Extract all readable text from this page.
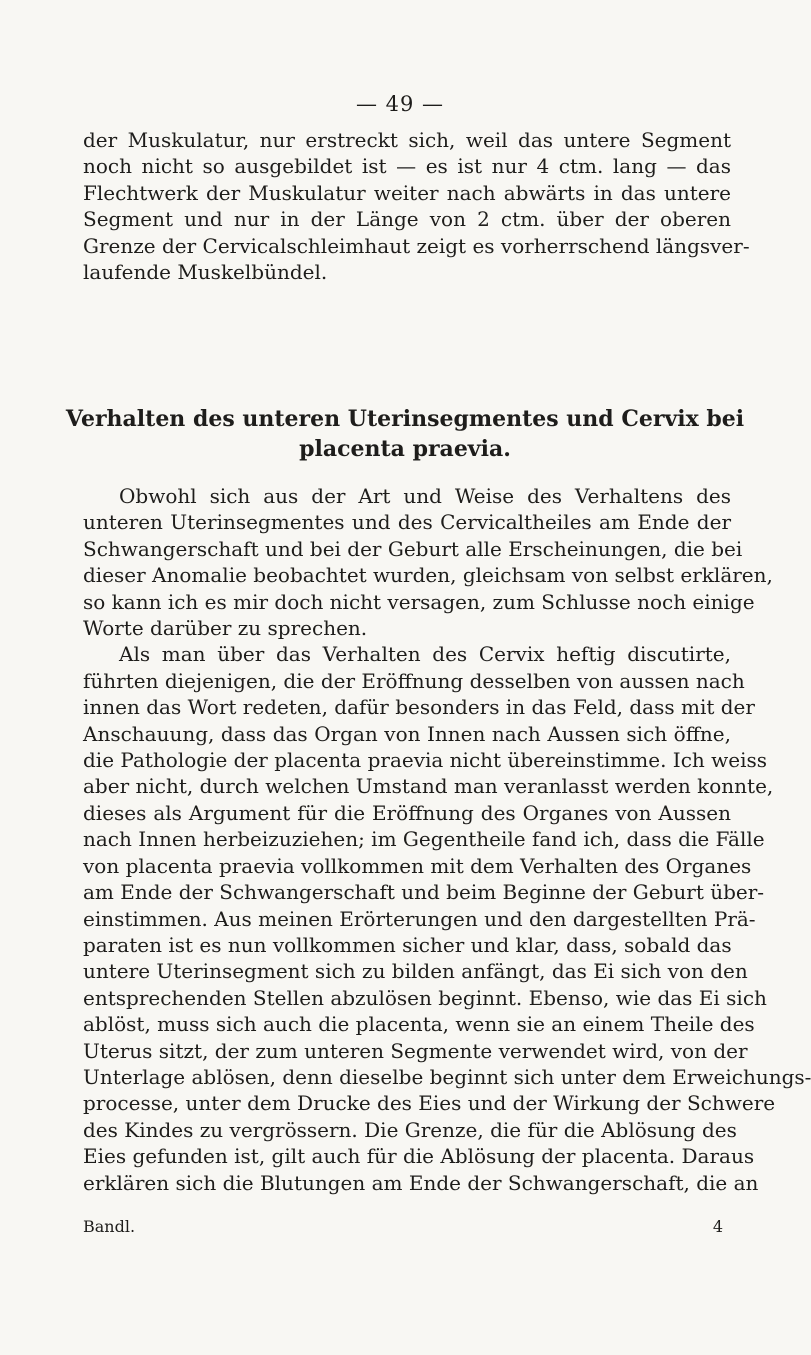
— 49 —
der Muskulatur, nur erstreckt sich, weil das untere Segment
noch nicht so ausgebildet ist — es ist nur 4 ctm. lang — das
Flechtwerk der Muskulatur weiter nach abwärts in das untere
Segment und nur in der Länge von 2 ctm. über der oberen
Grenze der Cervicalschleimhaut zeigt es vorherrschend längsver-
laufende Muskelbündel.
Verhalten des unteren Uterinsegmentes und Cervix bei
placenta praevia.
Obwohl sich aus der Art und Weise des Verhaltens des
unteren Uterinsegmentes und des Cervicaltheiles am Ende der
Schwangerschaft und bei der Geburt alle Erscheinungen, die bei
dieser Anomalie beobachtet wurden, gleichsam von selbst erklären,
so kann ich es mir doch nicht versagen, zum Schlusse noch einige
Worte darüber zu sprechen.
Als man über das Verhalten des Cervix heftig discutirte,
führten diejenigen, die der Eröffnung desselben von aussen nach
innen das Wort redeten, dafür besonders in das Feld, dass mit der
Anschauung, dass das Organ von Innen nach Aussen sich öffne,
die Pathologie der placenta praevia nicht übereinstimme. Ich weiss
aber nicht, durch welchen Umstand man veranlasst werden konnte,
dieses als Argument für die Eröffnung des Organes von Aussen
nach Innen herbeizuziehen; im Gegentheile fand ich, dass die Fälle
von placenta praevia vollkommen mit dem Verhalten des Organes
am Ende der Schwangerschaft und beim Beginne der Geburt über-
einstimmen. Aus meinen Erörterungen und den dargestellten Prä-
paraten ist es nun vollkommen sicher und klar, dass, sobald das
untere Uterinsegment sich zu bilden anfängt, das Ei sich von den
entsprechenden Stellen abzulösen beginnt. Ebenso, wie das Ei sich
ablöst, muss sich auch die placenta, wenn sie an einem Theile des
Uterus sitzt, der zum unteren Segmente verwendet wird, von der
Unterlage ablösen, denn dieselbe beginnt sich unter dem Erweichungs-
processe, unter dem Drucke des Eies und der Wirkung der Schwere
des Kindes zu vergrössern. Die Grenze, die für die Ablösung des
Eies gefunden ist, gilt auch für die Ablösung der placenta. Daraus
erklären sich die Blutungen am Ende der Schwangerschaft, die an
Bandl.	4
